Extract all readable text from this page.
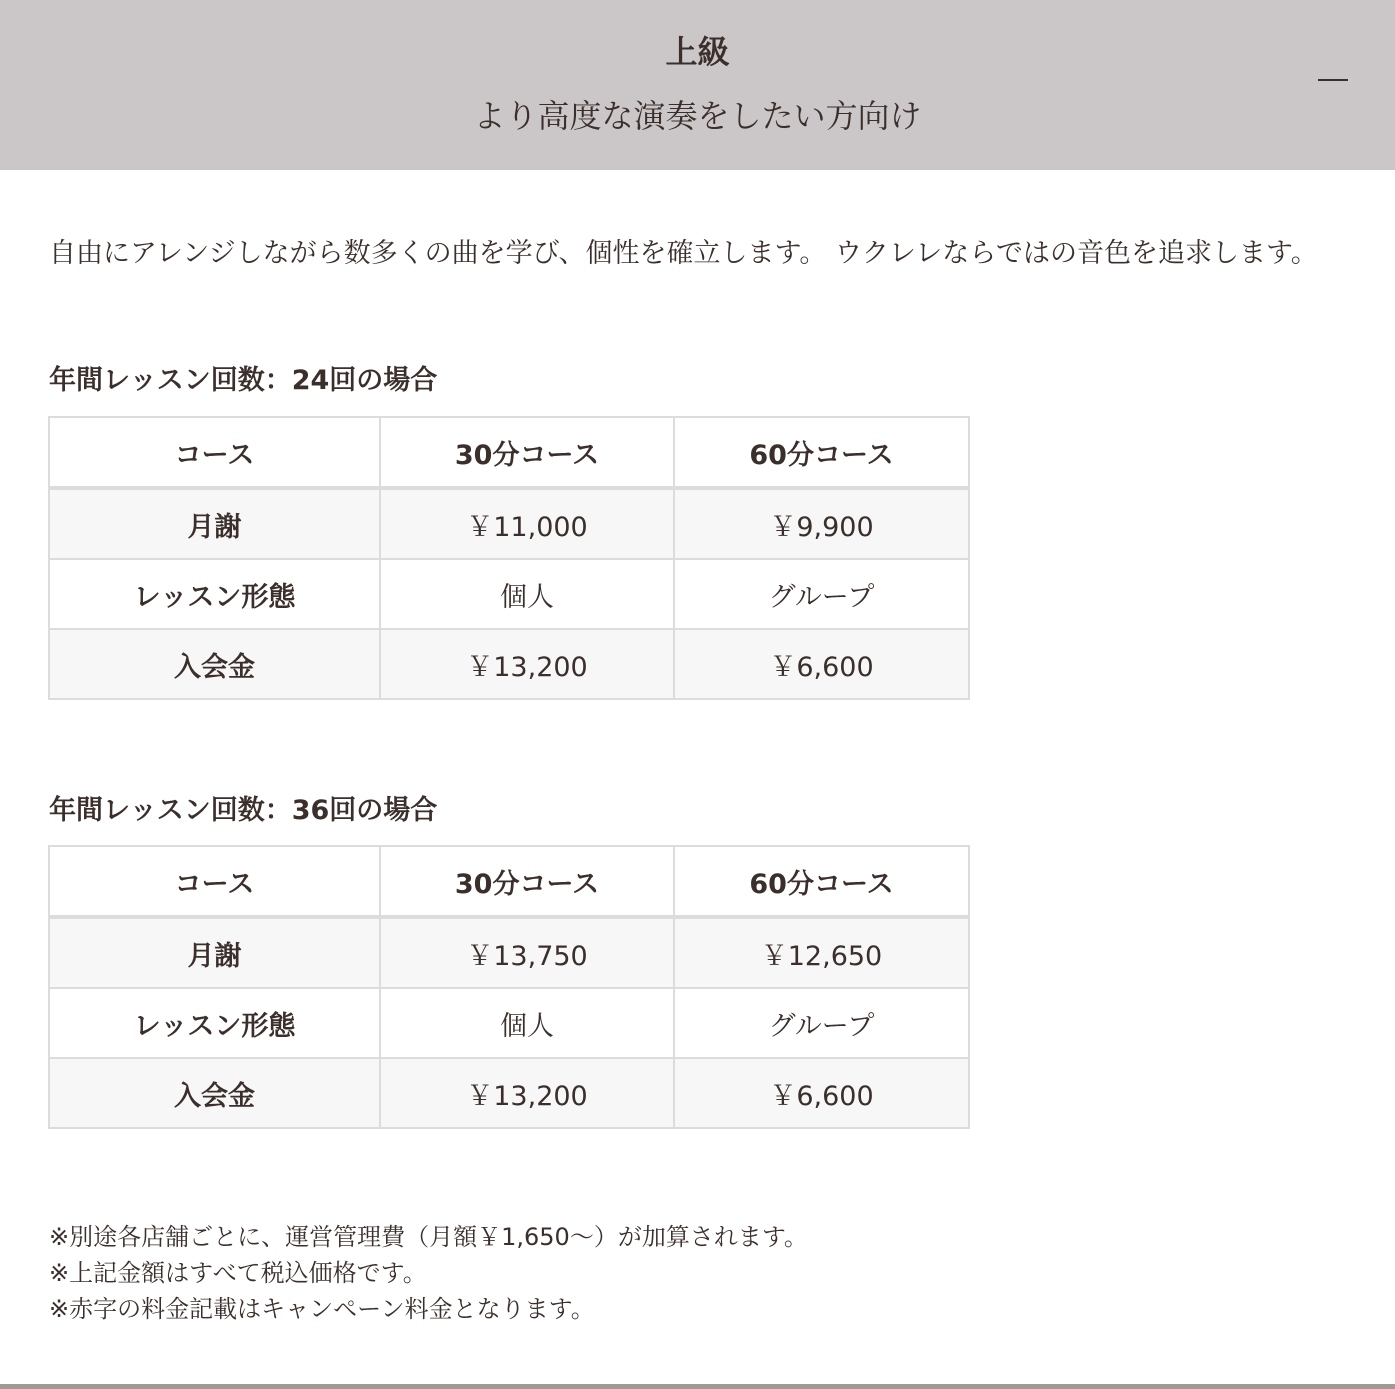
上級
より高度な演奏をしたい方向け

自由にアレンジしながら数多くの曲を学び、個性を確立します。 ウクレレならではの音色を追求します。

年間レッスン回数：24回の場合
コース	30分コース	60分コース
月謝	￥11,000	￥9,900
レッスン形態	個人	グループ
入会金	￥13,200	￥6,600
年間レッスン回数：36回の場合
コース	30分コース	60分コース
月謝	￥13,750	￥12,650
レッスン形態	個人	グループ
入会金	￥13,200	￥6,600
※別途各店舗ごとに、運営管理費（月額￥1,650〜）が加算されます。
※上記金額はすべて税込価格です。
※赤字の料金記載はキャンペーン料金となります。
